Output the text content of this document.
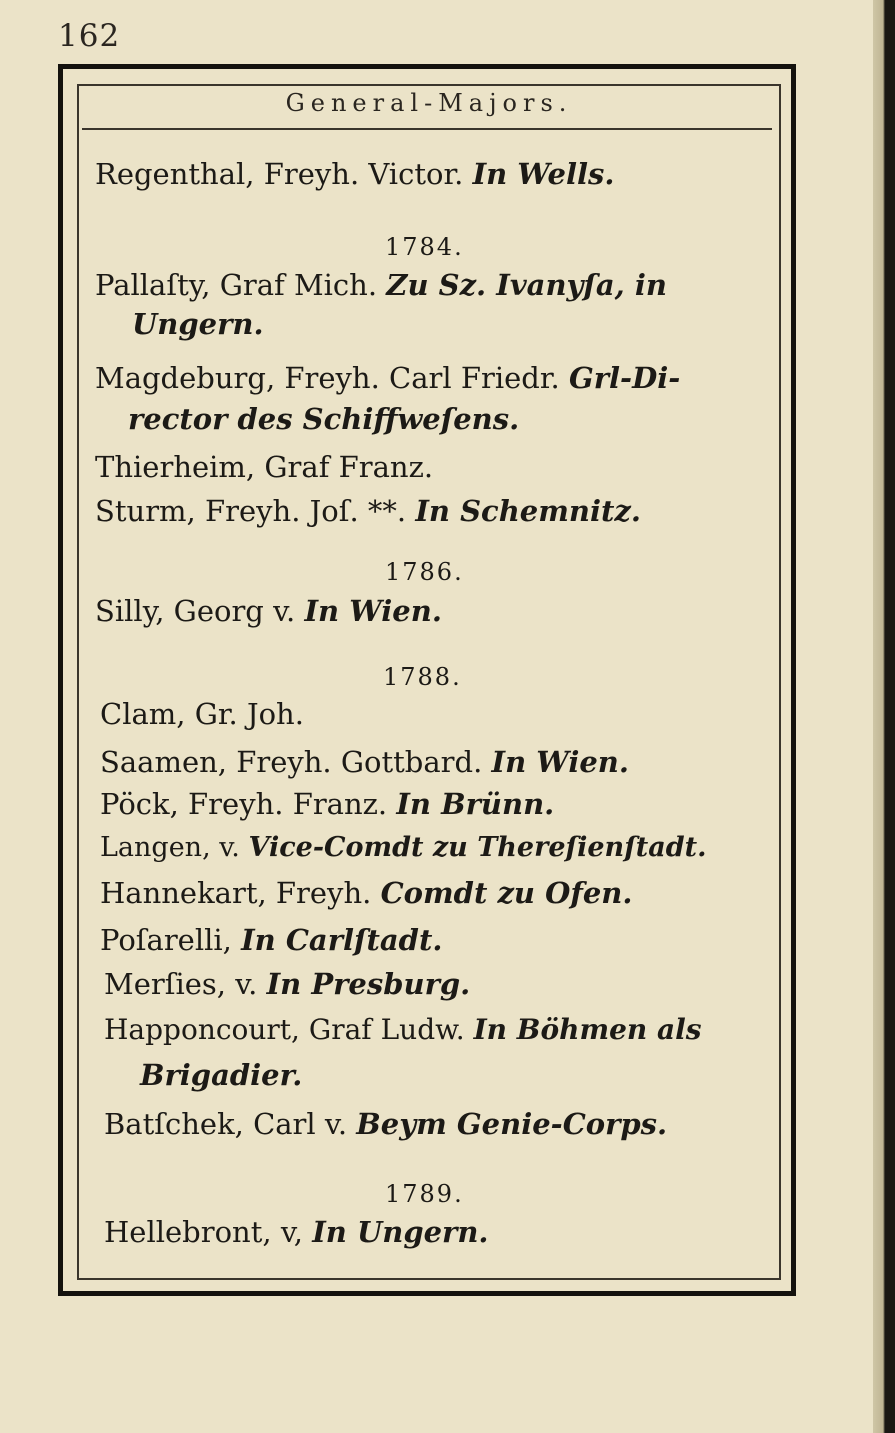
162
General-Majors.
Regenthal, Freyh. Victor. In Wells.
1784.
Pallaſty, Graf Mich. Zu Sz. Ivanyſa, in
Ungern.
Magdeburg, Freyh. Carl Friedr. Grl-Di-
rector des Schiffweſens.
Thierheim, Graf Franz.
Sturm, Freyh. Joſ. **. In Schemnitz.
1786.
Silly, Georg v. In Wien.
1788.
Clam, Gr. Joh.
Saamen, Freyh. Gottbard. In Wien.
Pöck, Freyh. Franz. In Brünn.
Langen, v. Vice-Comdt zu Thereſienſtadt.
Hannekart, Freyh. Comdt zu Ofen.
Poſarelli, In Carlſtadt.
Merſies, v. In Presburg.
Happoncourt, Graf Ludw. In Böhmen als
Brigadier.
Batſchek, Carl v. Beym Genie-Corps.
1789.
Hellebront, v, In Ungern.
